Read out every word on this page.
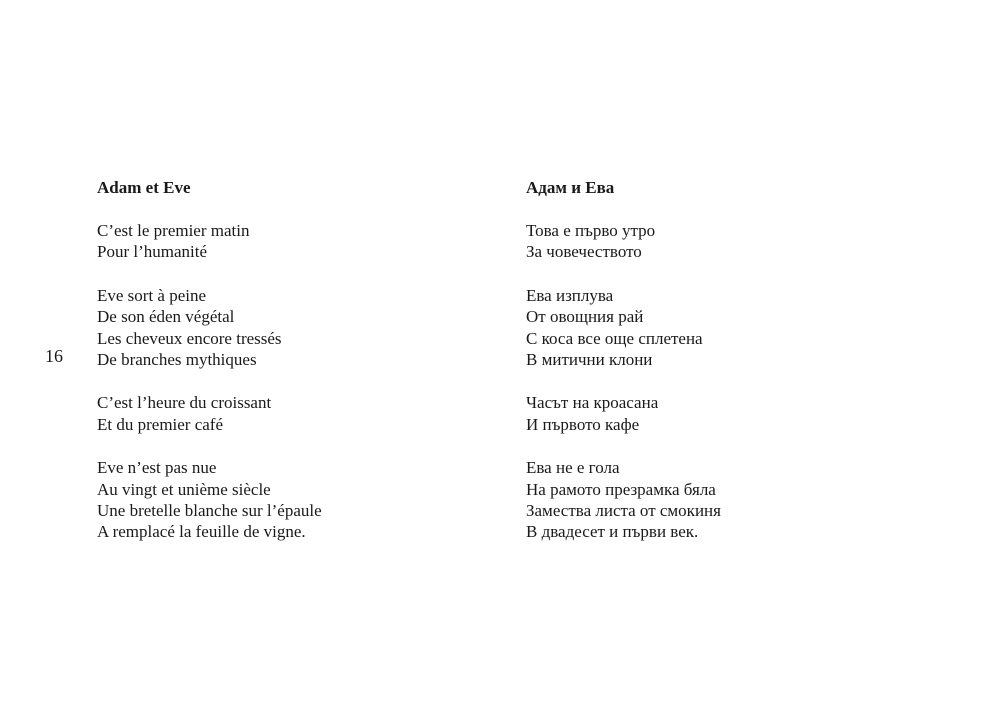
16
Adam et Eve
C’est le premier matin
Pour l’humanité
Eve sort à peine
De son éden végétal
Les cheveux encore tressés
De branches mythiques
C’est l’heure du croissant
Et du premier café
Eve n’est pas nue
Au vingt et unième siècle
Une bretelle blanche sur l’épaule
A remplacé la feuille de vigne.
Адам и Ева
Това е първо утро
За човечеството
Ева изплува
От овощния рай
С коса все още сплетена
В митични клони
Часът на кроасана
И първото кафе
Ева не е гола
На рамото презрамка бяла
Замества листа от смокиня
В двадесет и първи век.
